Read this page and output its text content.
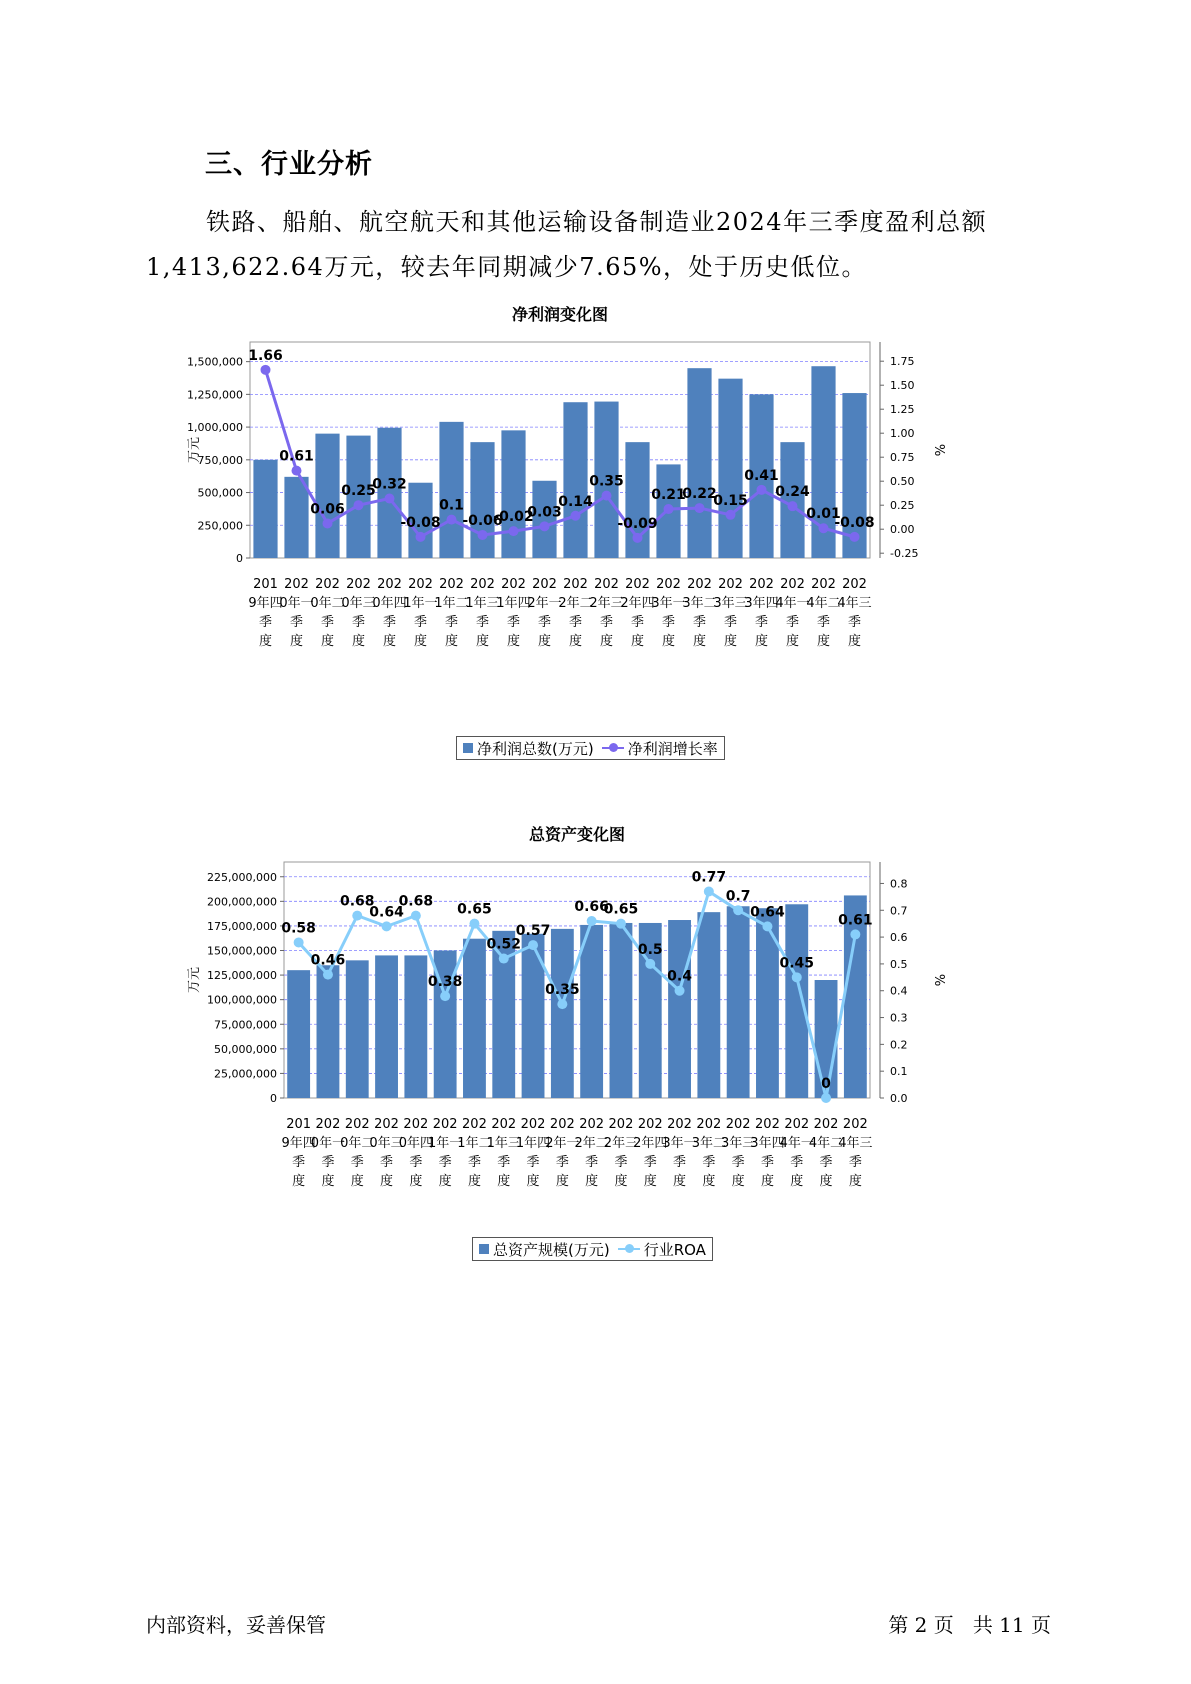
三、行业分析
铁路、船舶、航空航天和其他运输设备制造业2024年三季度盈利总额1,413,622.64万元，较去年同期减少7.65%，处于历史低位。
净利润变化图
0
250,000
500,000
750,000
1,000,000
1,250,000
1,500,000
-0.25
0.00
0.25
0.50
0.75
1.00
1.25
1.50
1.75
万元	%
201 9年四季度
202 0年一季度
202 0年二季度
202 0年三季度
202 0年四季度
202 1年一季度
202 1年二季度
202 1年三季度
202 1年四季度
202 2年一季度
202 2年二季度
202 2年三季度
202 2年四季度
202 3年一季度
202 3年二季度
202 3年三季度
202 3年四季度
202 4年一季度
202 4年二季度
202 4年三季度
1.66
0.61
0.06
0.25
0.32
-0.08
0.1
-0.06
-0.02
0.03
0.14
0.35
-0.09
0.21
0.22
0.15
0.41
0.24
0.01
-0.08
净利润总数(万元) 净利润增长率
总资产变化图
0
25,000,000
50,000,000
75,000,000
100,000,000
125,000,000
150,000,000
175,000,000
200,000,000
225,000,000
0.0
0.1
0.2
0.3
0.4
0.5
0.6
0.7
0.8
万元	%
201 9年四季度
202 0年一季度
202 0年二季度
202 0年三季度
202 0年四季度
202 1年一季度
202 1年二季度
202 1年三季度
202 1年四季度
202 2年一季度
202 2年二季度
202 2年三季度
202 2年四季度
202 3年一季度
202 3年二季度
202 3年三季度
202 3年四季度
202 4年一季度
202 4年二季度
202 4年三季度
0.58
0.46
0.68
0.64
0.68
0.38
0.65
0.52
0.57
0.35
0.66
0.65
0.5
0.4
0.77
0.7
0.64
0.45
0
0.61
总资产规模(万元) 行业ROA
内部资料，妥善保管	第 2 页   共 11 页
